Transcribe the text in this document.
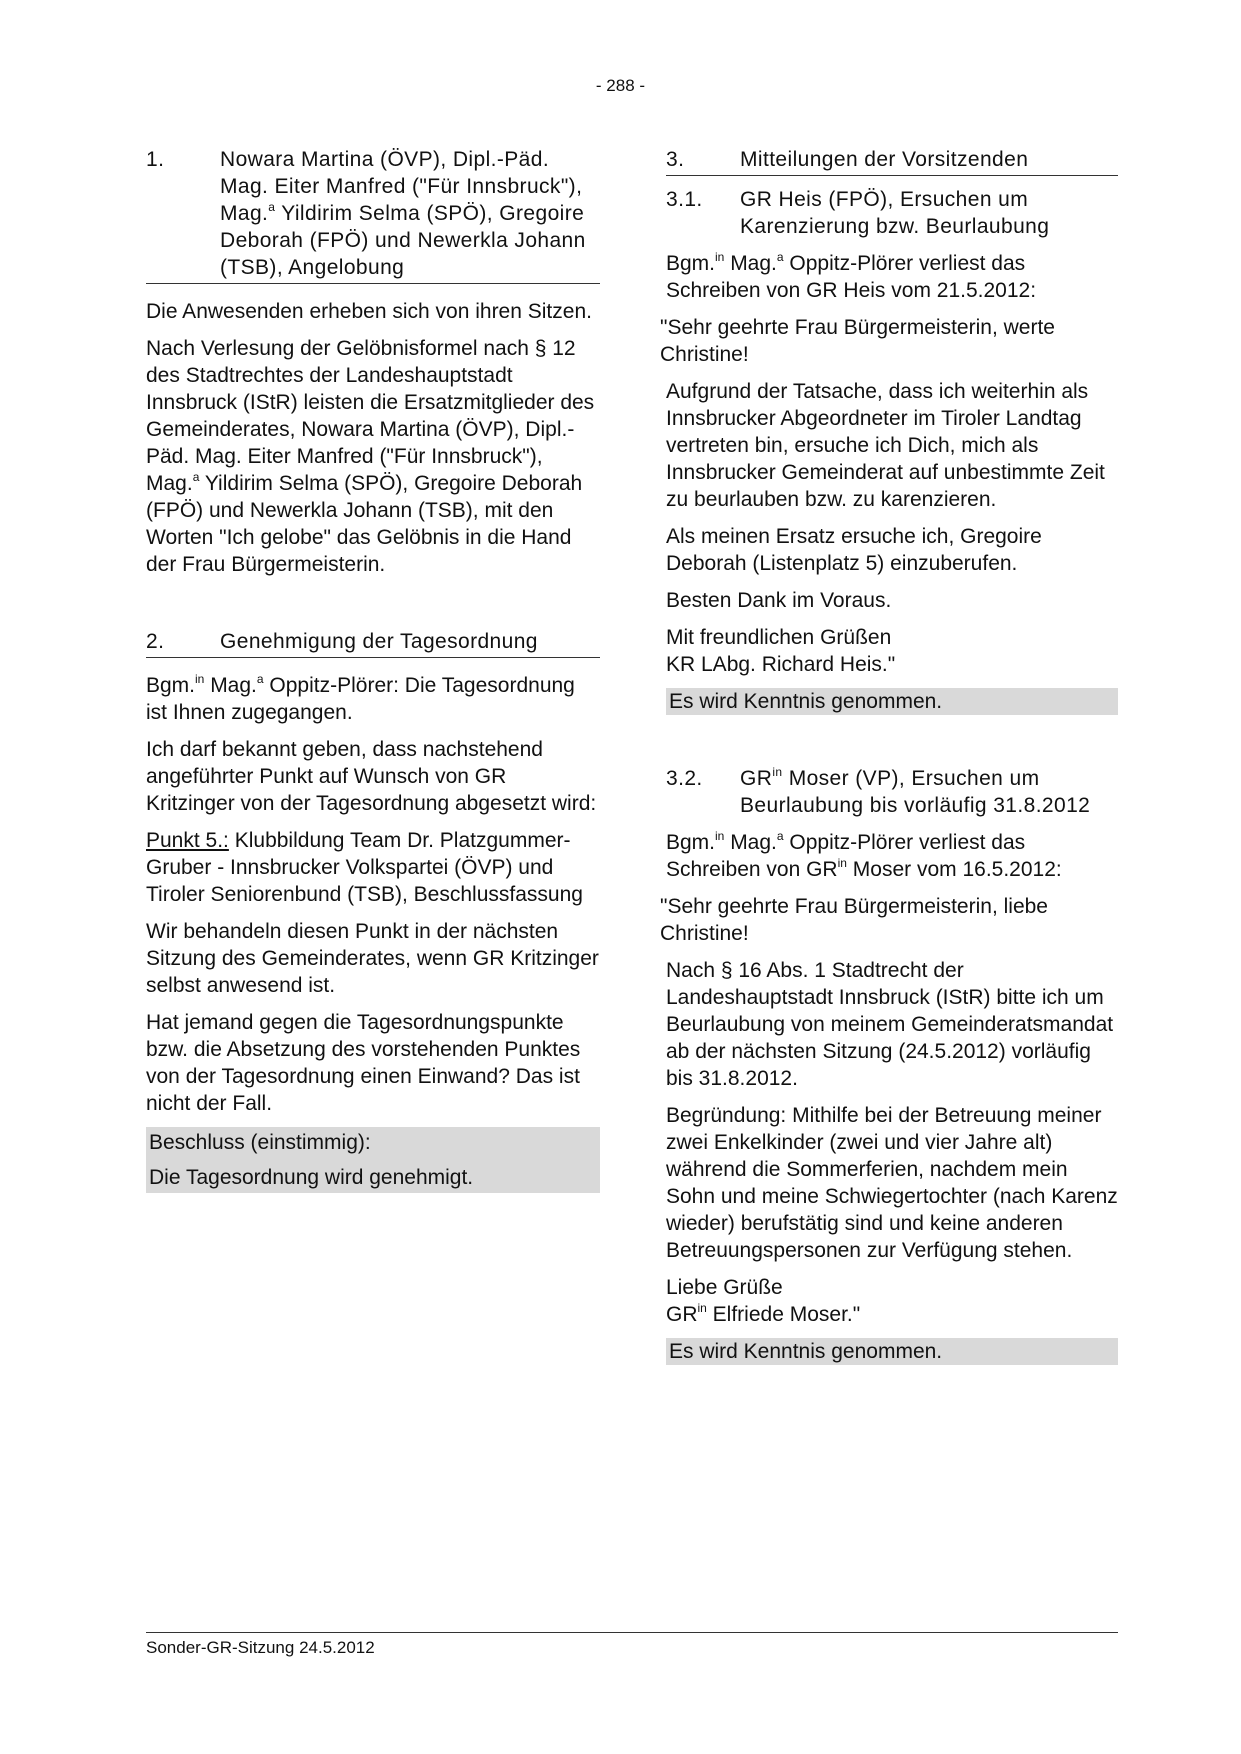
- 288 -
1.	Nowara Martina (ÖVP), Dipl.-Päd. Mag. Eiter Manfred ("Für Innsbruck"), Mag.$^a$ Yildirim Selma (SPÖ), Gregoire Deborah (FPÖ) und Newerkla Johann (TSB), Angelobung

Die Anwesenden erheben sich von ihren Sitzen.

Nach Verlesung der Gelöbnisformel nach § 12 des Stadtrechtes der Landeshauptstadt Innsbruck (IStR) leisten die Ersatzmitglieder des Gemeinderates, Nowara Martina (ÖVP), Dipl.-Päd. Mag. Eiter Manfred ("Für Innsbruck"), Mag.$^a$ Yildirim Selma (SPÖ), Gregoire Deborah (FPÖ) und Newerkla Johann (TSB), mit den Worten "Ich gelobe" das Gelöbnis in die Hand der Frau Bürgermeisterin.

2.	Genehmigung der Tagesordnung

Bgm.$^{in}$ Mag.$^a$ Oppitz-Plörer: Die Tagesordnung ist Ihnen zugegangen.

Ich darf bekannt geben, dass nachstehend angeführter Punkt auf Wunsch von GR Kritzinger von der Tagesordnung abgesetzt wird:

Punkt 5.: Klubbildung Team Dr. Platzgummer-Gruber - Innsbrucker Volkspartei (ÖVP) und Tiroler Seniorenbund (TSB), Beschlussfassung

Wir behandeln diesen Punkt in der nächsten Sitzung des Gemeinderates, wenn GR Kritzinger selbst anwesend ist.

Hat jemand gegen die Tagesordnungspunkte bzw. die Absetzung des vorstehenden Punktes von der Tagesordnung einen Einwand? Das ist nicht der Fall.

Beschluss (einstimmig):

Die Tagesordnung wird genehmigt.

3.	Mitteilungen der Vorsitzenden
3.1.	GR Heis (FPÖ), Ersuchen um Karenzierung bzw. Beurlaubung

Bgm.$^{in}$ Mag.$^a$ Oppitz-Plörer verliest das Schreiben von GR Heis vom 21.5.2012:

"Sehr geehrte Frau Bürgermeisterin, werte Christine!

Aufgrund der Tatsache, dass ich weiterhin als Innsbrucker Abgeordneter im Tiroler Landtag vertreten bin, ersuche ich Dich, mich als Innsbrucker Gemeinderat auf unbestimmte Zeit zu beurlauben bzw. zu karenzieren.

Als meinen Ersatz ersuche ich, Gregoire Deborah (Listenplatz 5) einzuberufen.

Besten Dank im Voraus.

Mit freundlichen Grüßen

KR LAbg. Richard Heis."

Es wird Kenntnis genommen.

3.2.	$GR^{in}$ Moser (VP), Ersuchen um Beurlaubung bis vorläufig 31.8.2012

Bgm.$^{in}$ Mag.$^a$ Oppitz-Plörer verliest das Schreiben von $GR^{in}$ Moser vom 16.5.2012:

"Sehr geehrte Frau Bürgermeisterin, liebe Christine!

Nach § 16 Abs. 1 Stadtrecht der Landeshauptstadt Innsbruck (IStR) bitte ich um Beurlaubung von meinem Gemeinderatsmandat ab der nächsten Sitzung (24.5.2012) vorläufig bis 31.8.2012.

Begründung: Mithilfe bei der Betreuung meiner zwei Enkelkinder (zwei und vier Jahre alt) während die Sommerferien, nachdem mein Sohn und meine Schwiegertochter (nach Karenz wieder) berufstätig sind und keine anderen Betreuungspersonen zur Verfügung stehen.

Liebe Grüße

$GR^{in}$ Elfriede Moser."

Es wird Kenntnis genommen.

Sonder-GR-Sitzung 24.5.2012
